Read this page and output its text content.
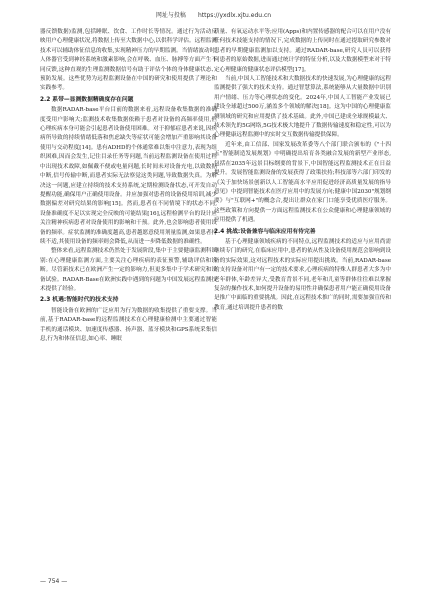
网址与投稿 https://yxdlx.xjtu.edu.cn

器反馈数据)监测,包括睡眠、饮食、工作时长等情况。通过行为活动反映用户心理健康状况,将数据上传至大数据中心,以供科学评估。远程监测技术可以辅助体征信息的收集,实现精神压力的早期监测。当情绪波动时,人体器官受到神经系统和激素影响,会在呼吸、血压、脉搏等方面产生不同反馈,这种直观的生理监测数据信号有助于评估个体的身体健康状态、预防发展。这些优势为远程监测设备在中国的研究和使用提供了理论和实践参考。

2.2 系带—显测数据精确度存在问题

数据RADAR-base平台目前的数据来看,远程设备收集数据的准确度受用户影响大;监测技术收集数据依赖于患者对设备的高频率使用,但心理疾病本身可能会引起患者设备使用困难。对于抑郁症患者来说,因疾病所导致的持续情绪低落和焦虑缺失等症状可能会增加产重影响其设备使用与交动程度[14]。患有ADHD的个体通常难以集中注意力,表现为组织困难,因而会发生,记住目录任务等问题,当前远程监测设备在使用过程中出现技术故障,如佩戴不便或电量问题,长时间未对设备充电,以致数据中断,信号传输中断,而患者实际无法察觉这类问题,导致数据失真。为解决这一问题,应建立持续的技术支持系统,定期检测设备状态,可开发自动提醒功能,确保用户正确使用设备。并应加强对患者的设备使用培训,减少数据偏差对研究结果的影响[15]。然而,患者在不同情境下的状态不同,设备准确度不足以实现完全反映的可能结果[16],远程检测平台的设计应关注精神疾病患者对设备使用的影响和干预。此外,也会影响患者使用设备的频率。症状监测的准确度越高,患者越愿意使用剂量监测,如果患者持续不适,其使用设备的频率则会降低,从而进一步降低数据的准确性。

整体来看,远程监测技术仍然处于发展阶段,集中于主要健康监测科识别:在心理健康监测方面,主要关注心理疾病的表征预警,辅助评估和诊断。尽管新技术已在欧洲产生一定的影响力,但更多集中于学术研究和设备试验。RADAR-Base在欧洲实践中遇到的问题为中国发展远程监测技术提供了经验。

2.3 机遇:智能时代的技术支持

智能设备在欧洲的广泛应用为行为数据的收集提供了重要支撑。当前,基于RADAR-base的远程监测技术在心理健康检测中主要通过智能手机的通话模块、加速度传感器、扬声器、蓝牙模块和GPS系统采集信息,行为和体征信息,如心率、睡眠

质量、有氧运动水平等;应用(Apps)和内置传感器的配合可以在用户没有任何技术技能支持的情况下,完成数据的上传同时在通过提取研究参数对患者的早期健康监测加以支持。通过RADAR-base,研究人员可以获得同患者的原始数据,进而通过统计学的特征分析,以及大数据模型来对于特定心理健康的健康状态评估模型[17]。

当前,中国人工智能技术和大数据技术的快速发展,为心理健康的远程监测提供了强大的技术支持。通过智慧算法,系统能够从大量数据中识别用户情绪、压力等心理状态的变化。2024年,中国人工智能产业发展已建设全球超过500万,涵盖多个领域的解决[18]。这为中国的心理健康监测领域的研究和应用提供了技术基础。此外,中国已建成全球规模最大、技术领先的5G网络,5G技术极大地提升了数据传输速度和稳定性,可以为心理健康远程监测中的实时交互数据传输提供保障。

近年来,由工信部、国家发展改革委等八个部门联合颁布的《"十四五"智能制造发展规划》中明确提出培育各类融合发展的新型产业形态,包括在2035年远景目标纲要的背景下,中国智能远程监测技术正在日益提升。发展智能监测设备的发展获得了政策扶持;科技部等六部门印发的《关于加快场景创新以人工智能高水平应用促进经济高质量发展的指导意见》中提到智能技术在医疗应用中的发展方向;健康中国2030"规划纲要》与"互联网+"的概念合,提出让群众在家门口能享受优质医疗服务。这些政策和方向提供一方面远程监测技术在公众健康和心理健康领域的应用提供了机遇。

2.4 挑战:设备兼容与临床应用有待完善

基于心理健康领域疾病的不同特点,远程监测技术的适应与应用尚需继续专门的研究,在临床应用中,患者的依从性及设备使用规范会影响到设备的实际效果,这对远程技术的实际应用提出挑战。当前,RADAR-base的支持设备对用户有一定的技术要求,心理疾病的特殊人群患者大多为中老年群体,年龄差异大,受教育背景不同,老年和儿童等群体往往难以掌握复杂的操作技术,如何提升设备的易用性并确保患者用户能正确使用设备是推广中面临的重要挑战。因此,在远程技术推广的同时,需要加强宣传和教育,通过培训提升患者的数

— 754 —
